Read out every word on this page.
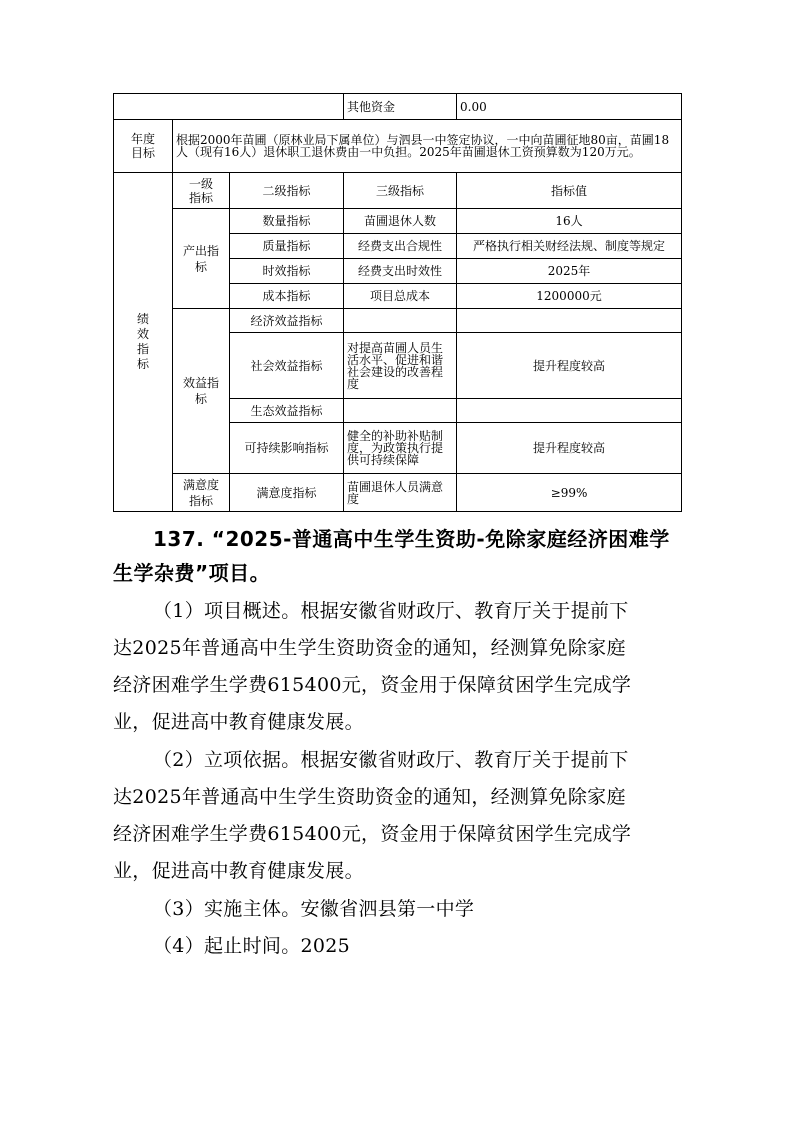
			其他资金	0.00
年度目标	根据2000年苗圃（原林业局下属单位）与泗县一中签定协议，一中向苗圃征地80亩，苗圃18人（现有16人）退休职工退休费由一中负担。2025年苗圃退休工资预算数为120万元。			
绩效指标	一级指标	二级指标	三级指标	指标值
	产出指标	数量指标	苗圃退休人数	16人
		质量指标	经费支出合规性	严格执行相关财经法规、制度等规定
		时效指标	经费支出时效性	2025年
		成本指标	项目总成本	1200000元
	效益指标	经济效益指标		
		社会效益指标	对提高苗圃人员生活水平、促进和谐社会建设的改善程度	提升程度较高
		生态效益指标		
		可持续影响指标	健全的补助补贴制度，为政策执行提供可持续保障	提升程度较高
	满意度指标	满意度指标	苗圃退休人员满意度	≥99%
137. “2025-普通高中生学生资助-免除家庭经济困难学
生学杂费”项目。
（1）项目概述。根据安徽省财政厅、教育厅关于提前下
达2025年普通高中生学生资助资金的通知，经测算免除家庭
经济困难学生学费615400元，资金用于保障贫困学生完成学
业，促进高中教育健康发展。
（2）立项依据。根据安徽省财政厅、教育厅关于提前下
达2025年普通高中生学生资助资金的通知，经测算免除家庭
经济困难学生学费615400元，资金用于保障贫困学生完成学
业，促进高中教育健康发展。
（3）实施主体。安徽省泗县第一中学
（4）起止时间。2025
